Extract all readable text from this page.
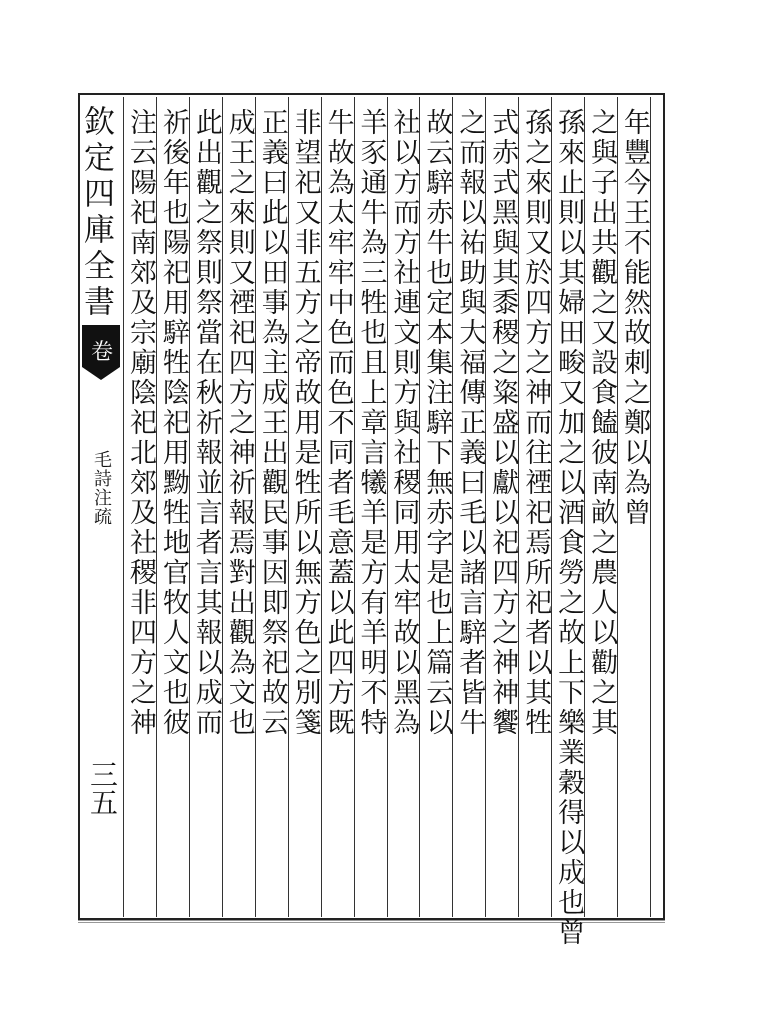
欽定四庫全書
卷
毛詩注疏
三五
年豐今王不能然故刺之鄭以為曾
之與子出共觀之又設食饁彼南畝之農人以勸之其
孫來止則以其婦田畯又加之以酒食勞之故上下樂業穀得以成也曾
孫之來則又於四方之神而往禋祀焉所祀者以其牲
式赤式黑與其黍稷之粢盛以獻以祀四方之神神饗
之而報以祐助與大福傳正義曰毛以諸言騂者皆牛
故云騂赤牛也定本集注騂下無赤字是也上篇云以
社以方而方社連文則方與社稷同用太牢故以黑為
羊豕通牛為三牲也且上章言犧羊是方有羊明不特
牛故為太牢牢中色而色不同者毛意蓋以此四方既
非望祀又非五方之帝故用是牲所以無方色之別箋
正義曰此以田事為主成王出觀民事因即祭祀故云
成王之來則又禋祀四方之神祈報焉對出觀為文也
此出觀之祭則祭當在秋祈報並言者言其報以成而
祈後年也陽祀用騂牲陰祀用黝牲地官牧人文也彼
注云陽祀南郊及宗廟陰祀北郊及社稷非四方之神
